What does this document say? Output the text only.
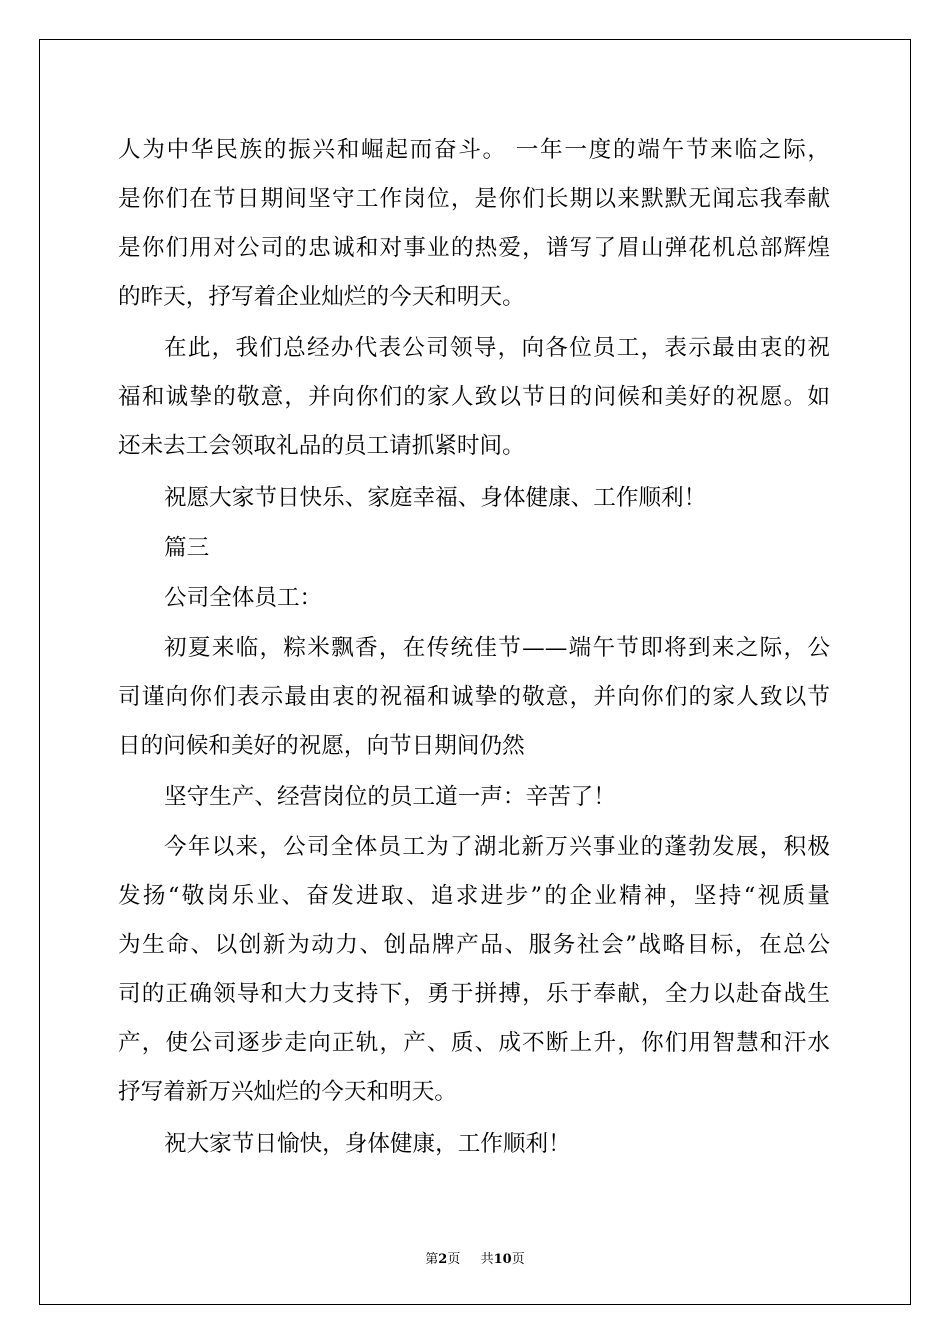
人为中华民族的振兴和崛起而奋斗。 一年一度的端午节来临之际，
是你们在节日期间坚守工作岗位，是你们长期以来默默无闻忘我奉献
是你们用对公司的忠诚和对事业的热爱，谱写了眉山弹花机总部辉煌
的昨天，抒写着企业灿烂的今天和明天。
在此，我们总经办代表公司领导，向各位员工，表示最由衷的祝
福和诚挚的敬意，并向你们的家人致以节日的问候和美好的祝愿。如
还未去工会领取礼品的员工请抓紧时间。
祝愿大家节日快乐、家庭幸福、身体健康、工作顺利！
篇三
公司全体员工：
初夏来临，粽米飘香，在传统佳节——端午节即将到来之际，公
司谨向你们表示最由衷的祝福和诚挚的敬意，并向你们的家人致以节
日的问候和美好的祝愿，向节日期间仍然
坚守生产、经营岗位的员工道一声：辛苦了！
今年以来，公司全体员工为了湖北新万兴事业的蓬勃发展，积极
发扬“敬岗乐业、奋发进取、追求进步”的企业精神，坚持“视质量
为生命、以创新为动力、创品牌产品、服务社会”战略目标，在总公
司的正确领导和大力支持下，勇于拼搏，乐于奉献，全力以赴奋战生
产，使公司逐步走向正轨，产、质、成不断上升，你们用智慧和汗水
抒写着新万兴灿烂的今天和明天。
祝大家节日愉快，身体健康，工作顺利！
第2页 共10页
